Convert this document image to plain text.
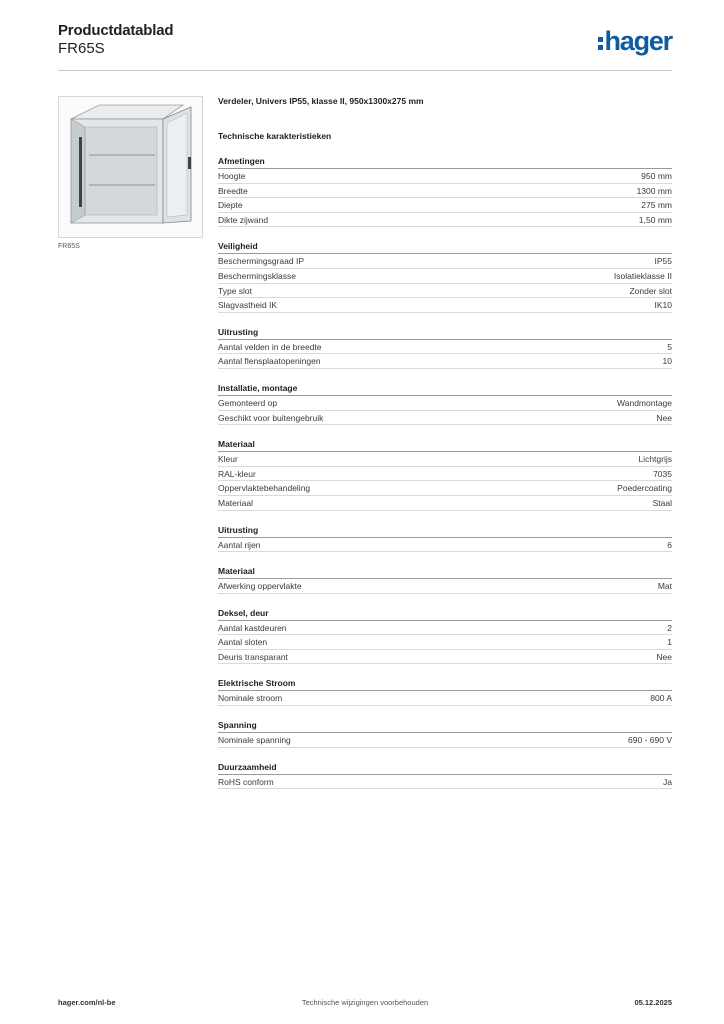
Productdatablad
FR65S	hager
FR65S
Verdeler, Univers IP55, klasse II, 950x1300x275 mm
Technische karakteristieken
Afmetingen
Hoogte	950 mm
Breedte	1300 mm
Diepte	275 mm
Dikte zijwand	1,50 mm
Veiligheid
Beschermingsgraad IP	IP55
Beschermingsklasse	Isolatieklasse II
Type slot	Zonder slot
Slagvastheid IK	IK10
Uitrusting
Aantal velden in de breedte	5
Aantal flensplaatopeningen	10
Installatie, montage
Gemonteerd op	Wandmontage
Geschikt voor buitengebruik	Nee
Materiaal
Kleur	Lichtgrijs
RAL-kleur	7035
Oppervlaktebehandeling	Poedercoating
Materiaal	Staal
Uitrusting
Aantal rijen	6
Materiaal
Afwerking oppervlakte	Mat
Deksel, deur
Aantal kastdeuren	2
Aantal sloten	1
Deuris transparant	Nee
Elektrische Stroom
Nominale stroom	800 A
Spanning
Nominale spanning	690 - 690 V
Duurzaamheid
RoHS conform	Ja
hager.com/nl-be	Technische wijzigingen voorbehouden	05.12.2025
